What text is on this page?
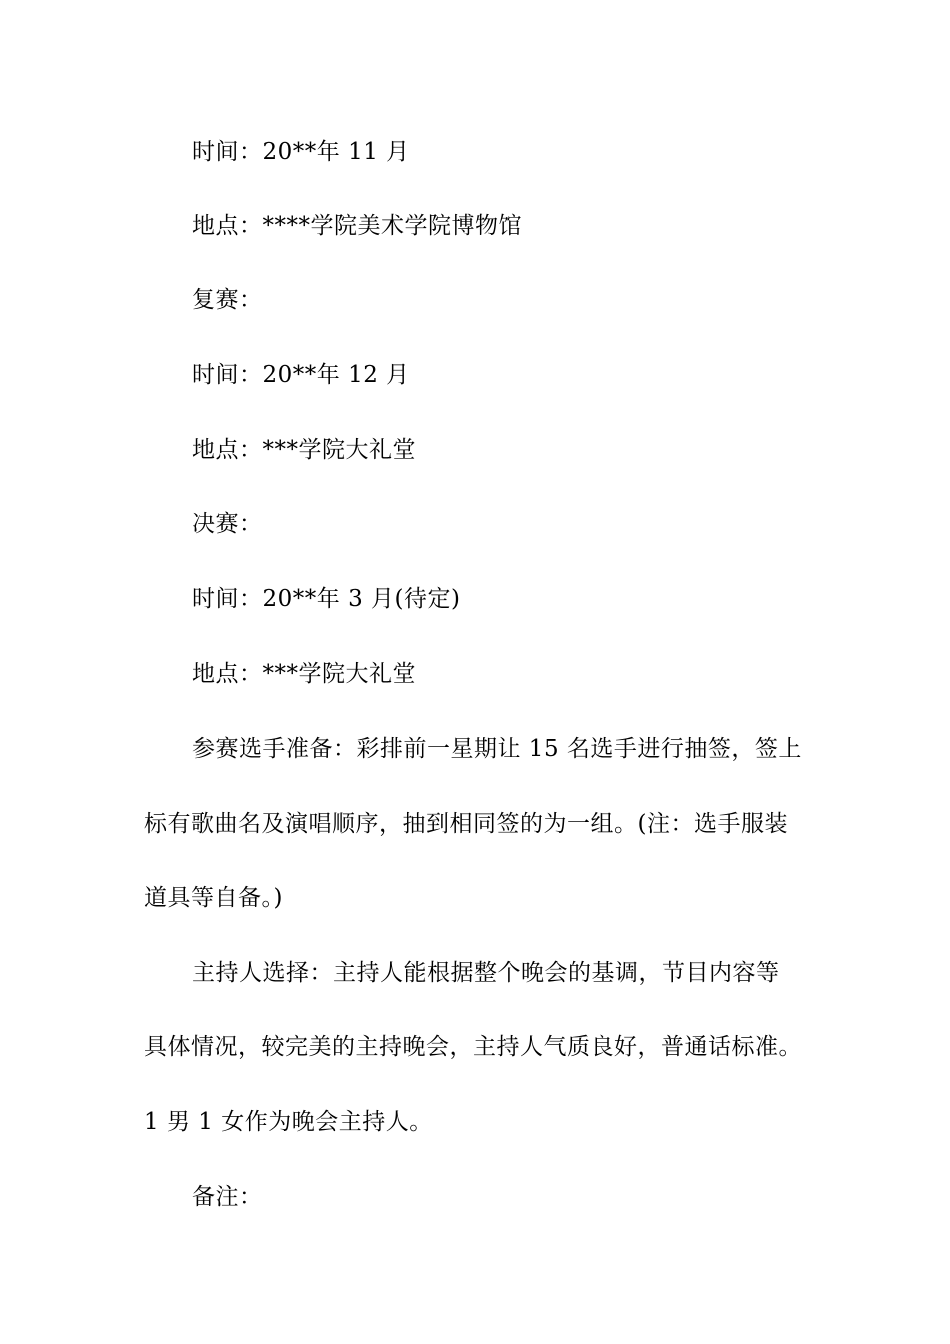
时间：20**年 11 月
地点：****学院美术学院博物馆
复赛：
时间：20**年 12 月
地点：***学院大礼堂
决赛：
时间：20**年 3 月(待定)
地点：***学院大礼堂
参赛选手准备：彩排前一星期让 15 名选手进行抽签，签上
标有歌曲名及演唱顺序，抽到相同签的为一组。(注：选手服装
道具等自备。)
主持人选择：主持人能根据整个晚会的基调，节目内容等
具体情况，较完美的主持晚会，主持人气质良好，普通话标准。
1 男 1 女作为晚会主持人。
备注：
